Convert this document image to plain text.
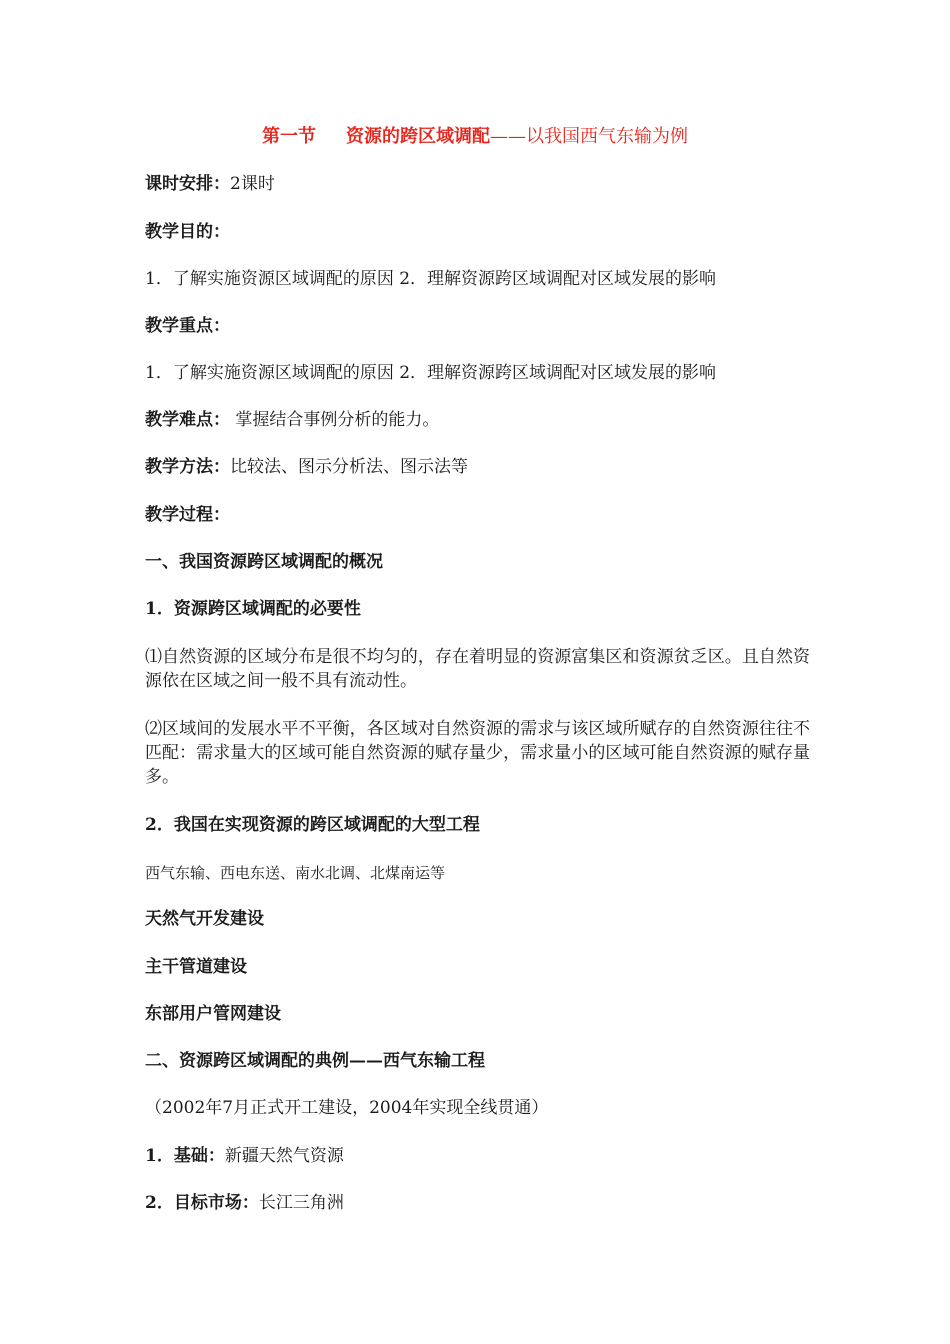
第一节 资源的跨区域调配——以我国西气东输为例
课时安排：2课时
教学目的：
1．了解实施资源区域调配的原因 2．理解资源跨区域调配对区域发展的影响
教学重点：
1．了解实施资源区域调配的原因 2．理解资源跨区域调配对区域发展的影响
教学难点： 掌握结合事例分析的能力。
教学方法：比较法、图示分析法、图示法等
教学过程：
一、我国资源跨区域调配的概况
1．资源跨区域调配的必要性
⑴自然资源的区域分布是很不均匀的，存在着明显的资源富集区和资源贫乏区。且自然资源依在区域之间一般不具有流动性。
⑵区域间的发展水平不平衡，各区域对自然资源的需求与该区域所赋存的自然资源往往不匹配：需求量大的区域可能自然资源的赋存量少，需求量小的区域可能自然资源的赋存量多。
2．我国在实现资源的跨区域调配的大型工程
西气东输、西电东送、南水北调、北煤南运等
天然气开发建设
主干管道建设
东部用户管网建设
二、资源跨区域调配的典例——西气东输工程
（2002年7月正式开工建设，2004年实现全线贯通）
1．基础：新疆天然气资源
2．目标市场：长江三角洲
